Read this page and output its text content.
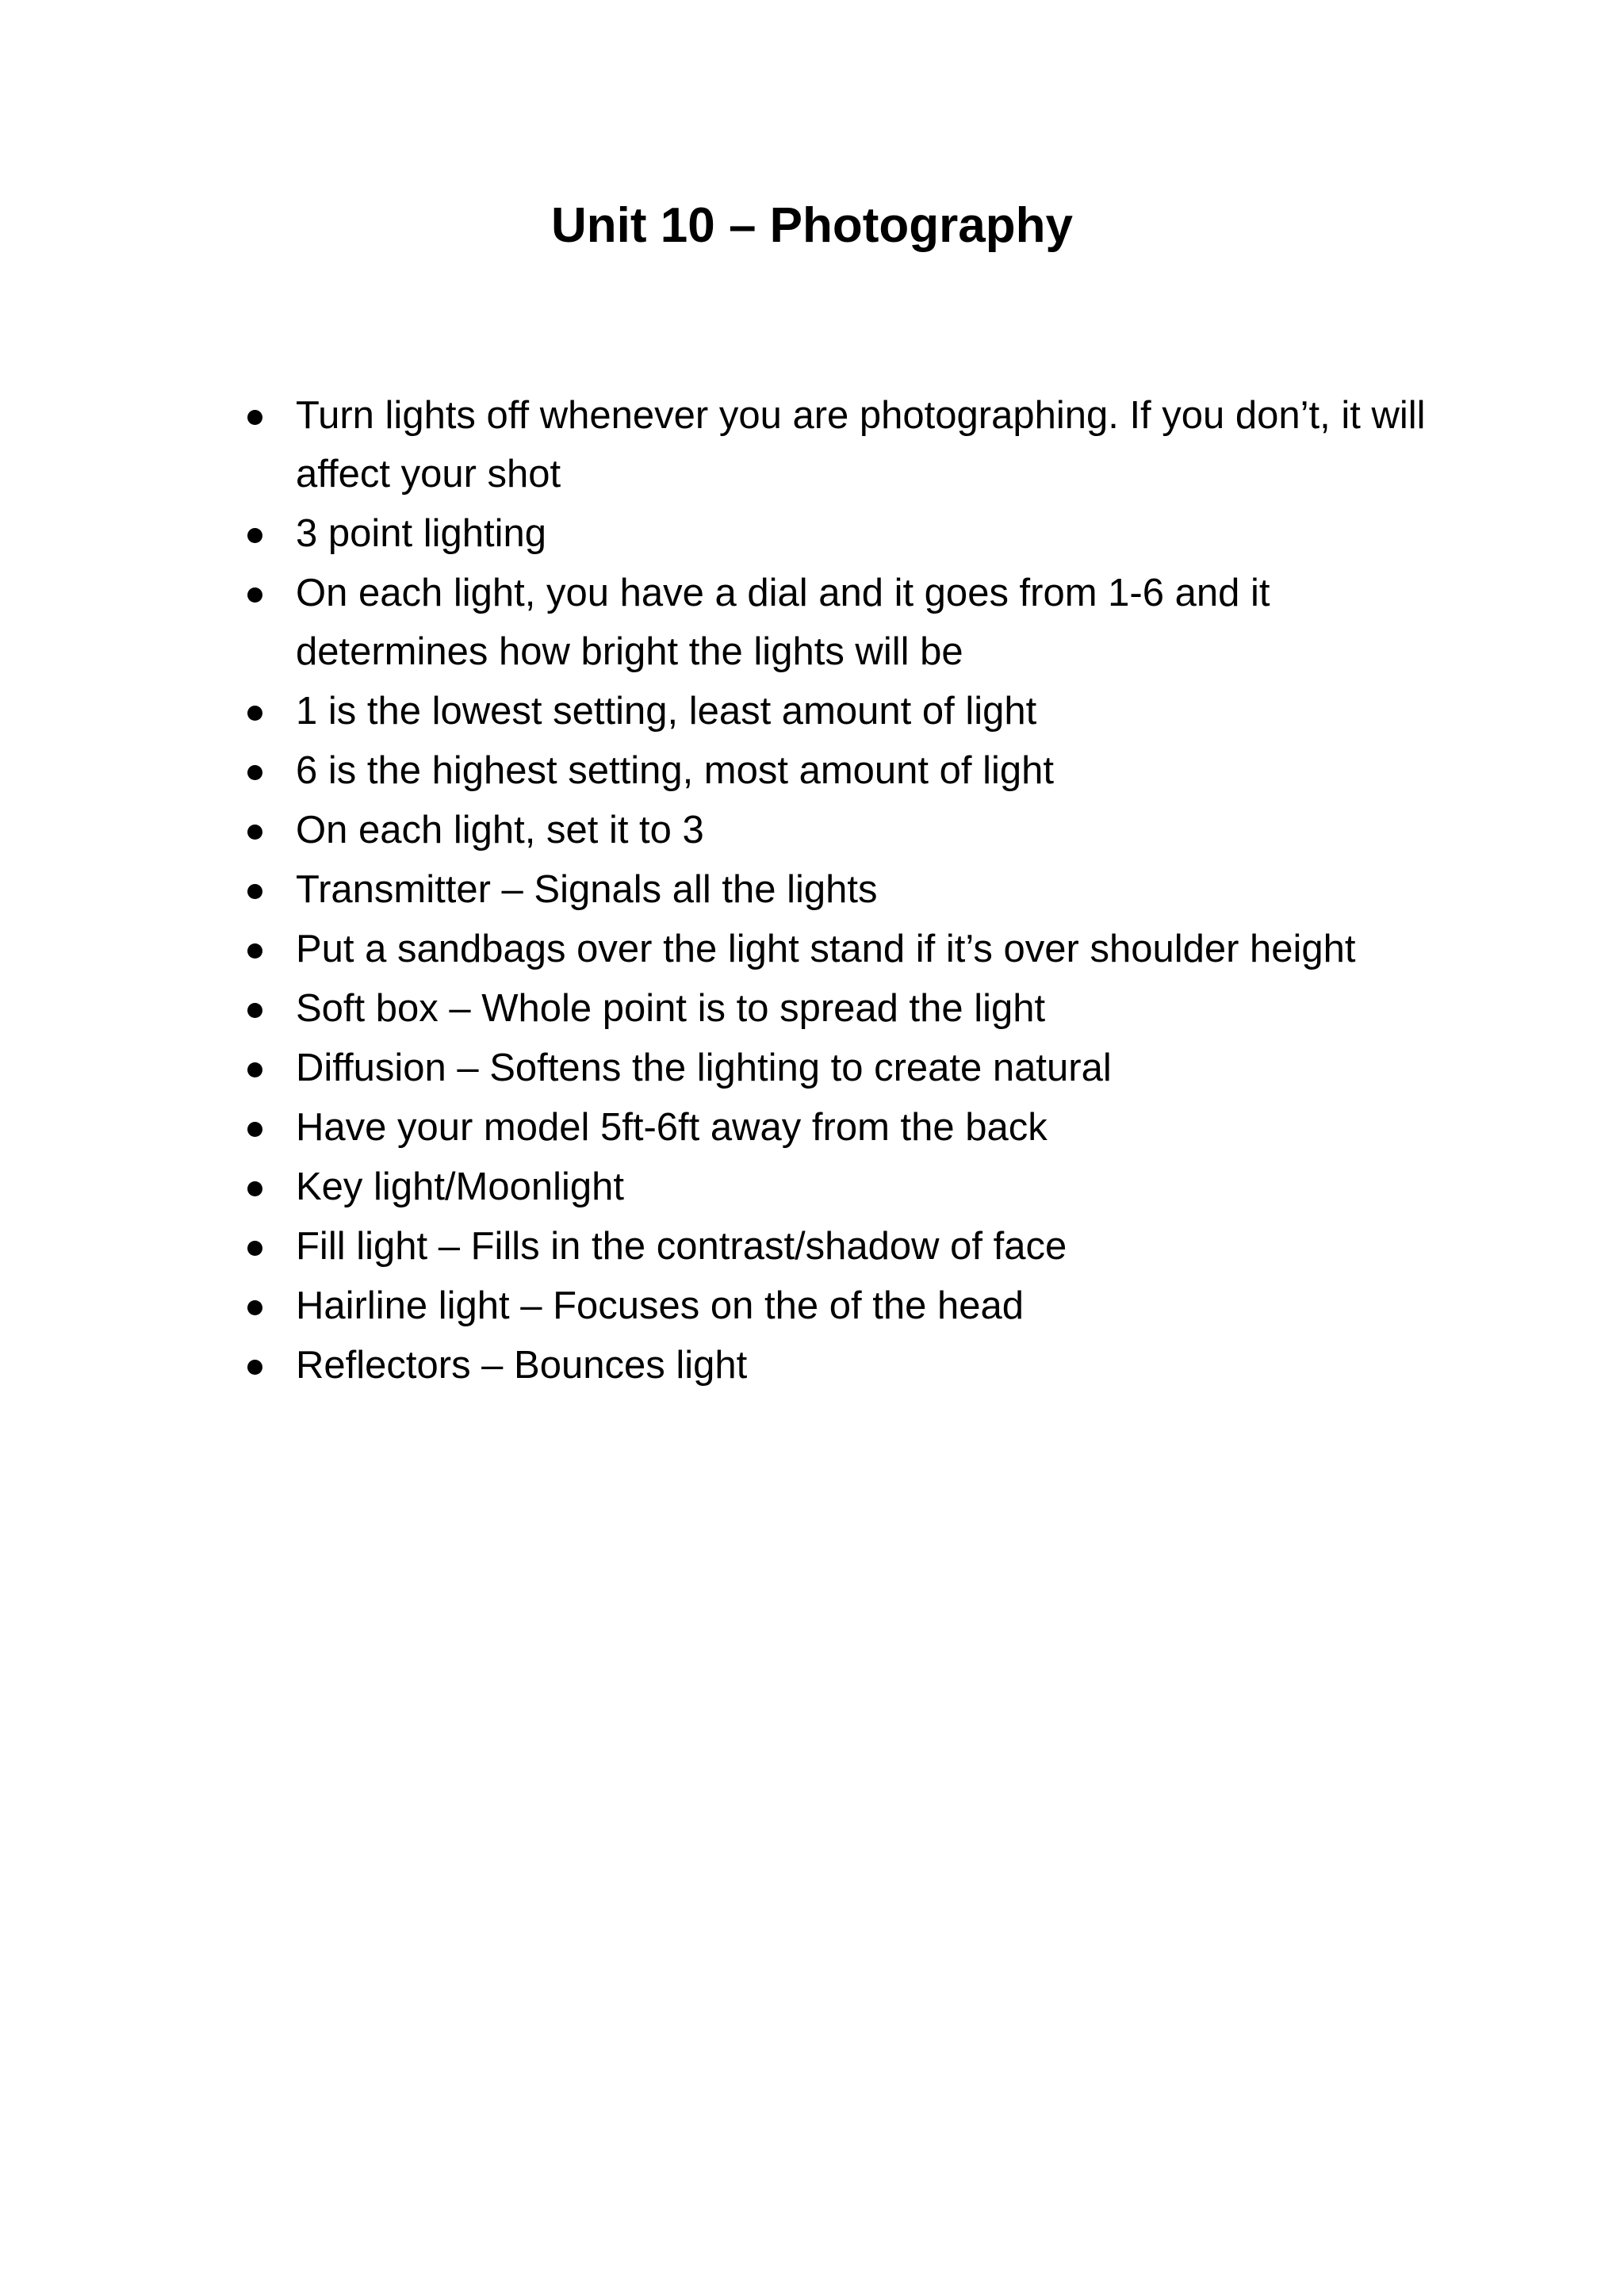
Unit 10 – Photography
Turn lights off whenever you are photographing. If you don’t, it will affect your shot
3 point lighting
On each light, you have a dial and it goes from 1-6 and it determines how bright the lights will be
1 is the lowest setting, least amount of light
6 is the highest setting, most amount of light
On each light, set it to 3
Transmitter – Signals all the lights
Put a sandbags over the light stand if it’s over shoulder height
Soft box – Whole point is to spread the light
Diffusion – Softens the lighting to create natural
Have your model 5ft-6ft away from the back
Key light/Moonlight
Fill light – Fills in the contrast/shadow of face
Hairline light – Focuses on the of the head
Reflectors – Bounces light
